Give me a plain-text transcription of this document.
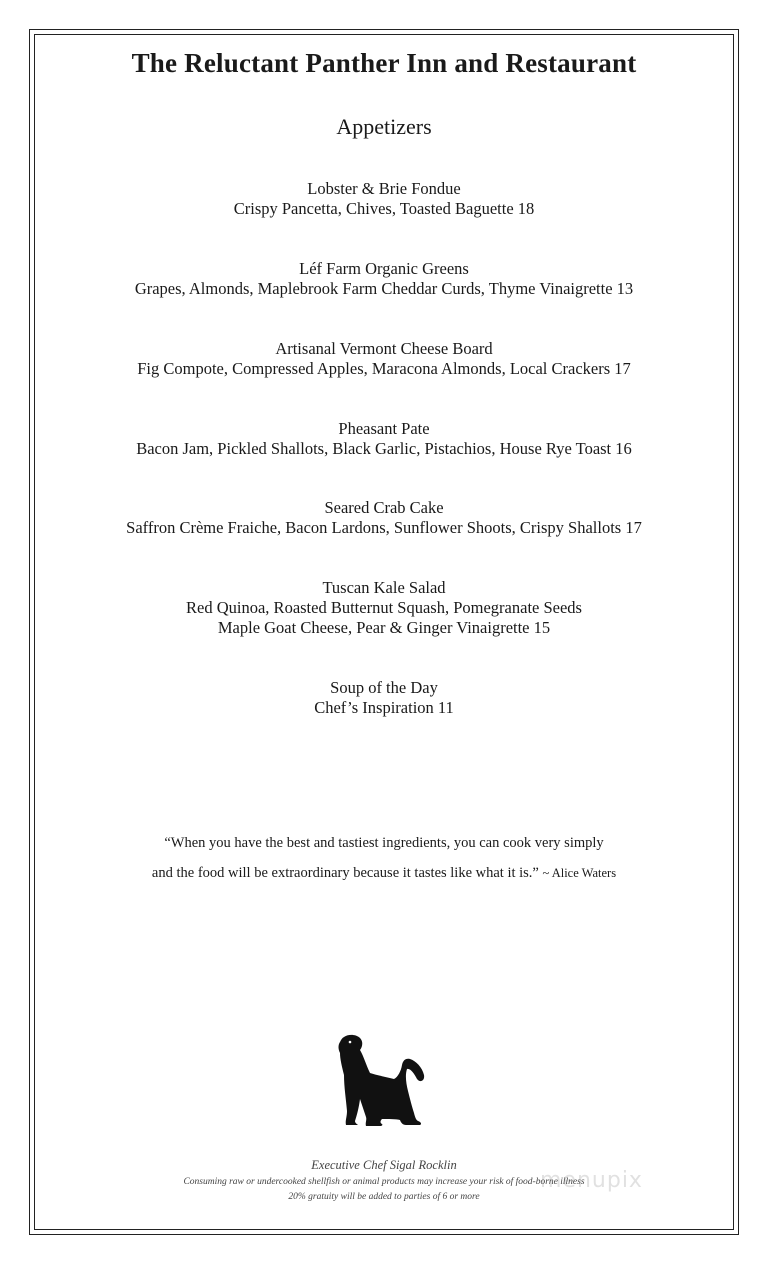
The Reluctant Panther Inn and Restaurant
Appetizers
Lobster & Brie Fondue
Crispy Pancetta, Chives, Toasted Baguette 18
Léf Farm Organic Greens
Grapes, Almonds, Maplebrook Farm Cheddar Curds, Thyme Vinaigrette 13
Artisanal Vermont Cheese Board
Fig Compote, Compressed Apples, Maracona Almonds, Local Crackers 17
Pheasant Pate
Bacon Jam, Pickled Shallots, Black Garlic, Pistachios, House Rye Toast 16
Seared Crab Cake
Saffron Crème Fraiche, Bacon Lardons, Sunflower Shoots, Crispy Shallots 17
Tuscan Kale Salad
Red Quinoa, Roasted Butternut Squash, Pomegranate Seeds
Maple Goat Cheese, Pear & Ginger Vinaigrette 15
Soup of the Day
Chef’s Inspiration 11
“When you have the best and tastiest ingredients, you can cook very simply
and the food will be extraordinary because it tastes like what it is.” ~ Alice Waters
Executive Chef Sigal Rocklin
Consuming raw or undercooked shellfish or animal products may increase your risk of food-borne illness
20% gratuity will be added to parties of 6 or more
menupix
